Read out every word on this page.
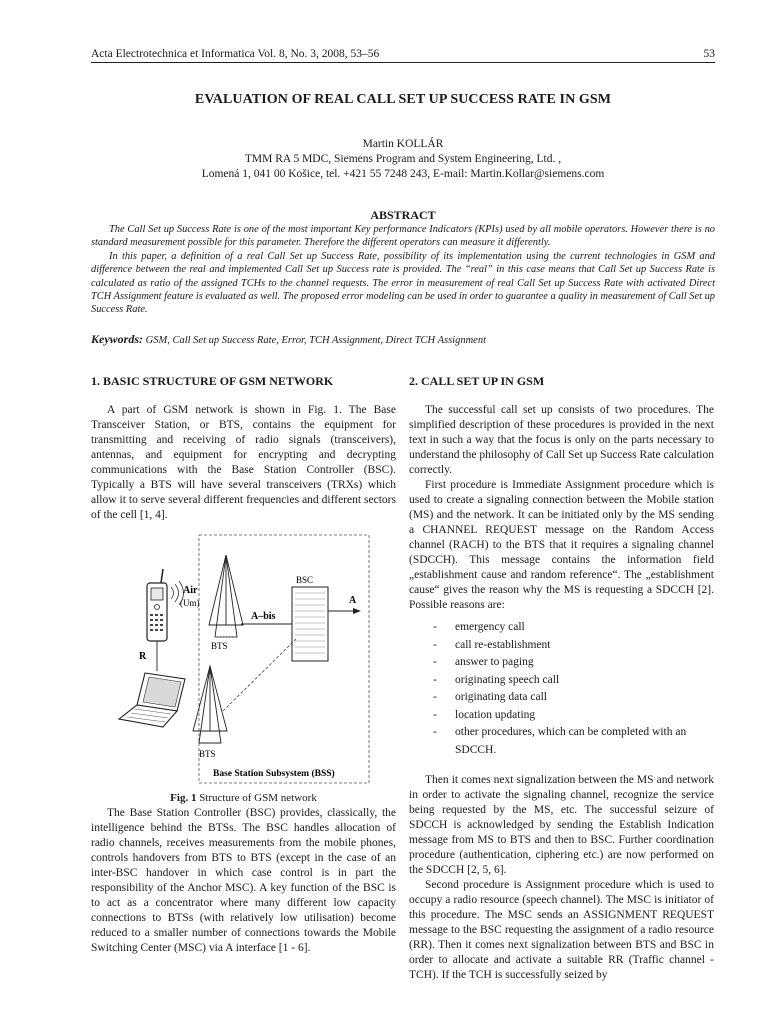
Acta Electrotechnica et Informatica Vol. 8, No. 3, 2008, 53–56	53
EVALUATION OF REAL CALL SET UP SUCCESS RATE IN GSM
Martin KOLLÁR
TMM RA 5 MDC, Siemens Program and System Engineering, Ltd. ,
Lomená 1, 041 00 Košice, tel. +421 55 7248 243, E-mail: Martin.Kollar@siemens.com
ABSTRACT

The Call Set up Success Rate is one of the most important Key performance Indicators (KPIs) used by all mobile operators. However there is no standard measurement possible for this parameter. Therefore the different operators can measure it differently.

In this paper, a definition of a real Call Set up Success Rate, possibility of its implementation using the current technologies in GSM and difference between the real and implemented Call Set up Success rate is provided. The “real” in this case means that Call Set up Success Rate is calculated as ratio of the assigned TCHs to the channel requests. The error in measurement of real Call Set up Success Rate with activated Direct TCH Assignment feature is evaluated as well. The proposed error modeling can be used in order to guarantee a quality in measurement of Call Set up Success Rate.

Keywords: GSM, Call Set up Success Rate, Error, TCH Assignment, Direct TCH Assignment
1. BASIC STRUCTURE OF GSM NETWORK

A part of GSM network is shown in Fig. 1. The Base Transceiver Station, or BTS, contains the equipment for transmitting and receiving of radio signals (transceivers), antennas, and equipment for encrypting and decrypting communications with the Base Station Controller (BSC). Typically a BTS will have several transceivers (TRXs) which allow it to serve several different frequencies and different sectors of the cell [1, 4].

Air
(Um)
BTS
BSC
A–bis
A
BTS
R
Base Station Subsystem (BSS)

Fig. 1 Structure of GSM network

The Base Station Controller (BSC) provides, classically, the intelligence behind the BTSs. The BSC handles allocation of radio channels, receives measurements from the mobile phones, controls handovers from BTS to BTS (except in the case of an inter-BSC handover in which case control is in part the responsibility of the Anchor MSC). A key function of the BSC is to act as a concentrator where many different low capacity connections to BTSs (with relatively low utilisation) become reduced to a smaller number of connections towards the Mobile Switching Center (MSC) via A interface [1 - 6].

2. CALL SET UP IN GSM

The successful call set up consists of two procedures. The simplified description of these procedures is provided in the next text in such a way that the focus is only on the parts necessary to understand the philosophy of Call Set up Success Rate calculation correctly.

First procedure is Immediate Assignment procedure which is used to create a signaling connection between the Mobile station (MS) and the network. It can be initiated only by the MS sending a CHANNEL REQUEST message on the Random Access channel (RACH) to the BTS that it requires a signaling channel (SDCCH). This message contains the information field „establishment cause and random reference“. The „establishment cause“ gives the reason why the MS is requesting a SDCCH [2]. Possible reasons are:

- emergency call
- call re-establishment
- answer to paging
- originating speech call
- originating data call
- location updating
- other procedures, which can be completed with an SDCCH.

Then it comes next signalization between the MS and network in order to activate the signaling channel, recognize the service being requested by the MS, etc. The successful seizure of SDCCH is acknowledged by sending the Establish Indication message from MS to BTS and then to BSC. Further coordination procedure (authentication, ciphering etc.) are now performed on the SDCCH [2, 5, 6].

Second procedure is Assignment procedure which is used to occupy a radio resource (speech channel). The MSC is initiator of this procedure. The MSC sends an ASSIGNMENT REQUEST message to the BSC requesting the assignment of a radio resource (RR). Then it comes next signalization between BTS and BSC in order to allocate and activate a suitable RR (Traffic channel - TCH). If the TCH is successfully seized by
